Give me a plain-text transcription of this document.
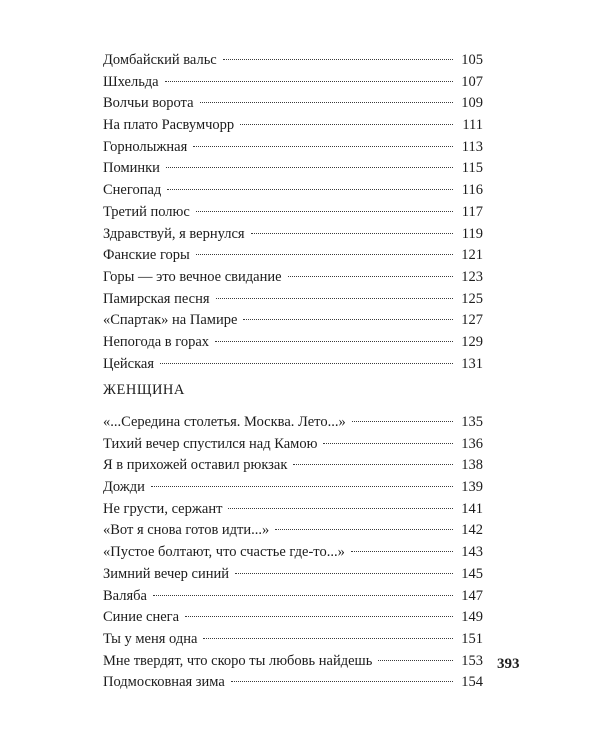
Домбайский вальс	105
Шхельда	107
Волчьи ворота	109
На плато Расвумчорр	111
Горнолыжная	113
Поминки	115
Снегопад	116
Третий полюс	117
Здравствуй, я вернулся	119
Фанские горы	121
Горы — это вечное свидание	123
Памирская песня	125
«Спартак» на Памире	127
Непогода в горах	129
Цейская	131
ЖЕНЩИНА
«...Середина столетья. Москва. Лето...»	135
Тихий вечер спустился над Камою	136
Я в прихожей оставил рюкзак	138
Дожди	139
Не грусти, сержант	141
«Вот я снова готов идти...»	142
«Пустое болтают, что счастье где-то...»	143
Зимний вечер синий	145
Валяба	147
Синие снега	149
Ты у меня одна	151
Мне твердят, что скоро ты любовь найдешь	153
Подмосковная зима	154
393
